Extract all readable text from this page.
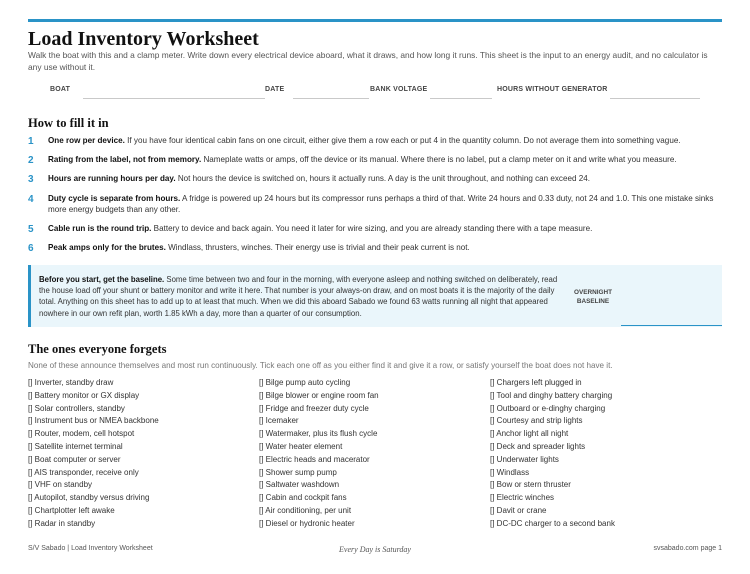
Load Inventory Worksheet

Walk the boat with this and a clamp meter. Write down every electrical device aboard, what it draws, and how long it runs. This sheet is the input to an energy audit, and no calculator is any use without it.

BOAT	DATE	BANK VOLTAGE	HOURS WITHOUT GENERATOR
How to fill it in
1 One row per device. If you have four identical cabin fans on one circuit, either give them a row each or put 4 in the quantity column. Do not average them into something vague.
2 Rating from the label, not from memory. Nameplate watts or amps, off the device or its manual. Where there is no label, put a clamp meter on it and write what you measure.
3 Hours are running hours per day. Not hours the device is switched on, hours it actually runs. A day is the unit throughout, and nothing can exceed 24.
4 Duty cycle is separate from hours. A fridge is powered up 24 hours but its compressor runs perhaps a third of that. Write 24 hours and 0.33 duty, not 24 and 1.0. This one mistake sinks more energy budgets than any other.
5 Cable run is the round trip. Battery to device and back again. You need it later for wire sizing, and you are already standing there with a tape measure.
6 Peak amps only for the brutes. Windlass, thrusters, winches. Their energy use is trivial and their peak current is not.
Before you start, get the baseline. Some time between two and four in the morning, with everyone asleep and nothing switched on deliberately, read the house load off your shunt or battery monitor and write it here. That number is your always-on draw, and on most boats it is the majority of the daily total. Anything on this sheet has to add up to at least that much. When we did this aboard Sabado we found 63 watts running all night that appeared nowhere in our own refit plan, worth 1.85 kWh a day, more than a quarter of our consumption.
OVERNIGHT
BASELINE
The ones everyone forgets

None of these announce themselves and most run continuously. Tick each one off as you either find it and give it a row, or satisfy yourself the boat does not have it.

[] Inverter, standby draw
[] Battery monitor or GX display
[] Solar controllers, standby
[] Instrument bus or NMEA backbone
[] Router, modem, cell hotspot
[] Satellite internet terminal
[] Boat computer or server
[] AIS transponder, receive only
[] VHF on standby
[] Autopilot, standby versus driving
[] Chartplotter left awake
[] Radar in standby
[] Bilge pump auto cycling
[] Bilge blower or engine room fan
[] Fridge and freezer duty cycle
[] Icemaker
[] Watermaker, plus its flush cycle
[] Water heater element
[] Electric heads and macerator
[] Shower sump pump
[] Saltwater washdown
[] Cabin and cockpit fans
[] Air conditioning, per unit
[] Diesel or hydronic heater
[] Chargers left plugged in
[] Tool and dinghy battery charging
[] Outboard or e-dinghy charging
[] Courtesy and strip lights
[] Anchor light all night
[] Deck and spreader lights
[] Underwater lights
[] Windlass
[] Bow or stern thruster
[] Electric winches
[] Davit or crane
[] DC-DC charger to a second bank
S/V Sabado | Load Inventory Worksheet	Every Day is Saturday	svsabado.com page 1
